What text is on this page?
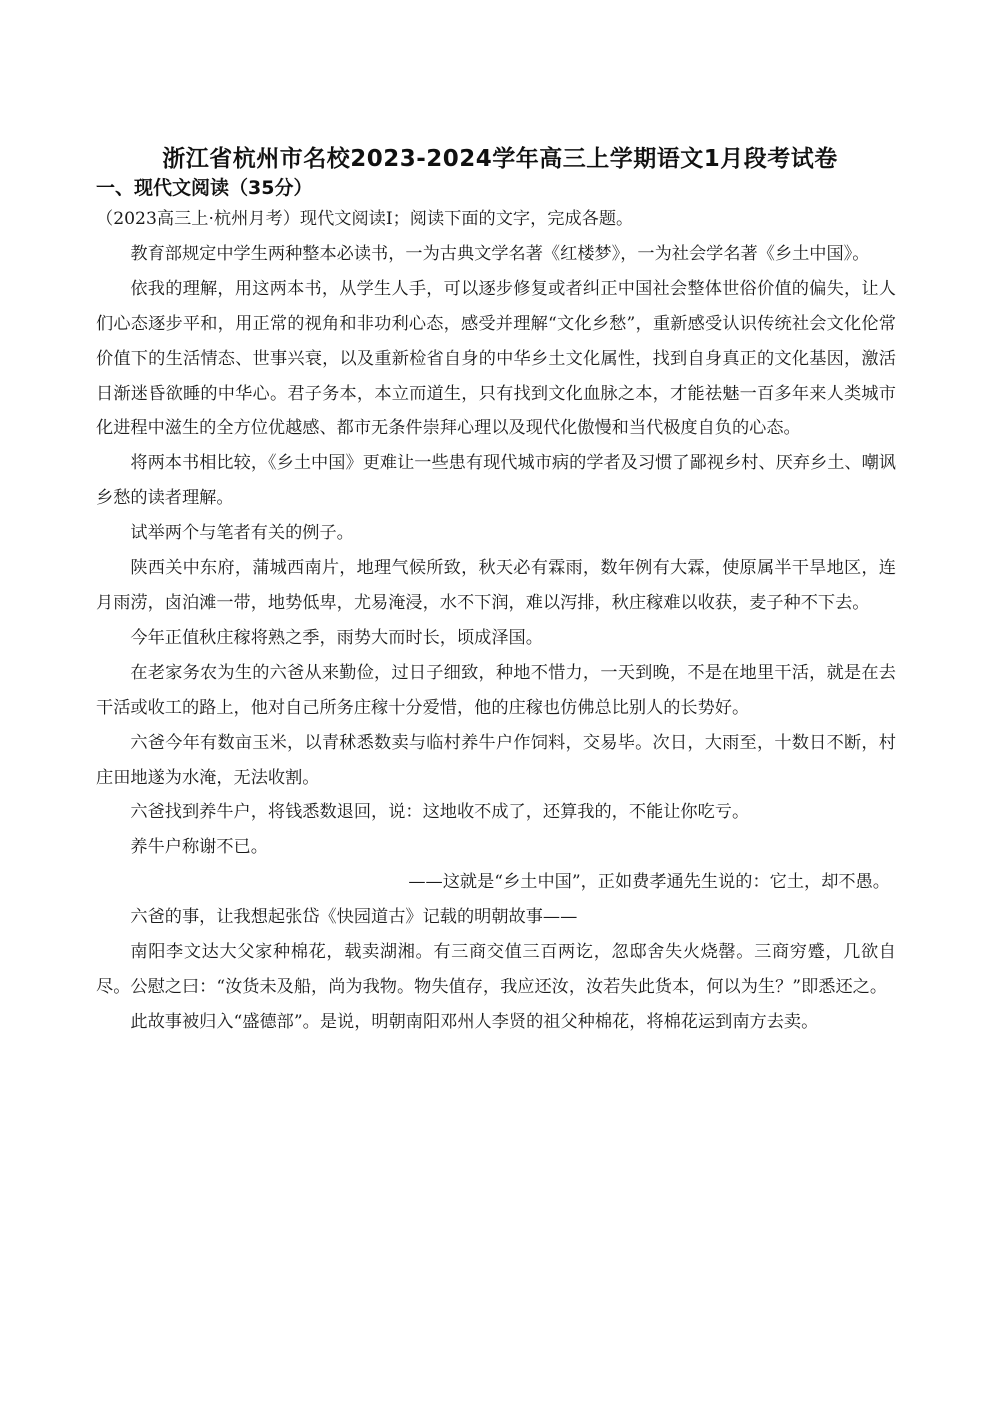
浙江省杭州市名校2023-2024学年高三上学期语文1月段考试卷
一、现代文阅读（35分）

（2023高三上·杭州月考）现代文阅读Ⅰ；阅读下面的文字，完成各题。

教育部规定中学生两种整本必读书，一为古典文学名著《红楼梦》，一为社会学名著《乡土中国》。

依我的理解，用这两本书，从学生人手，可以逐步修复或者纠正中国社会整体世俗价值的偏失，让人们心态逐步平和，用正常的视角和非功利心态，感受并理解“文化乡愁”，重新感受认识传统社会文化伦常价值下的生活情态、世事兴衰，以及重新检省自身的中华乡土文化属性，找到自身真正的文化基因，激活日渐迷昏欲睡的中华心。君子务本，本立而道生，只有找到文化血脉之本，才能祛魅一百多年来人类城市化进程中滋生的全方位优越感、都市无条件崇拜心理以及现代化傲慢和当代极度自负的心态。

将两本书相比较，《乡土中国》更难让一些患有现代城市病的学者及习惯了鄙视乡村、厌弃乡土、嘲讽乡愁的读者理解。

试举两个与笔者有关的例子。

陕西关中东府，蒲城西南片，地理气候所致，秋天必有霖雨，数年例有大霖，使原属半干旱地区，连月雨涝，卤泊滩一带，地势低卑，尤易淹浸，水不下润，难以泻排，秋庄稼难以收获，麦子种不下去。

今年正值秋庄稼将熟之季，雨势大而时长，顷成泽国。

在老家务农为生的六爸从来勤俭，过日子细致，种地不惜力，一天到晚，不是在地里干活，就是在去干活或收工的路上，他对自己所务庄稼十分爱惜，他的庄稼也仿佛总比别人的长势好。

六爸今年有数亩玉米，以青秫悉数卖与临村养牛户作饲料，交易毕。次日，大雨至，十数日不断，村庄田地遂为水淹，无法收割。

六爸找到养牛户，将钱悉数退回，说：这地收不成了，还算我的，不能让你吃亏。

养牛户称谢不已。

——这就是“乡土中国”，正如费孝通先生说的：它土，却不愚。

六爸的事，让我想起张岱《快园道古》记载的明朝故事——

南阳李文达大父家种棉花，载卖湖湘。有三商交值三百两讫，忽邸舍失火烧罄。三商穷蹙，几欲自尽。公慰之曰：“汝货未及船，尚为我物。物失值存，我应还汝，汝若失此货本，何以为生？”即悉还之。

此故事被归入“盛德部”。是说，明朝南阳邓州人李贤的祖父种棉花，将棉花运到南方去卖。
